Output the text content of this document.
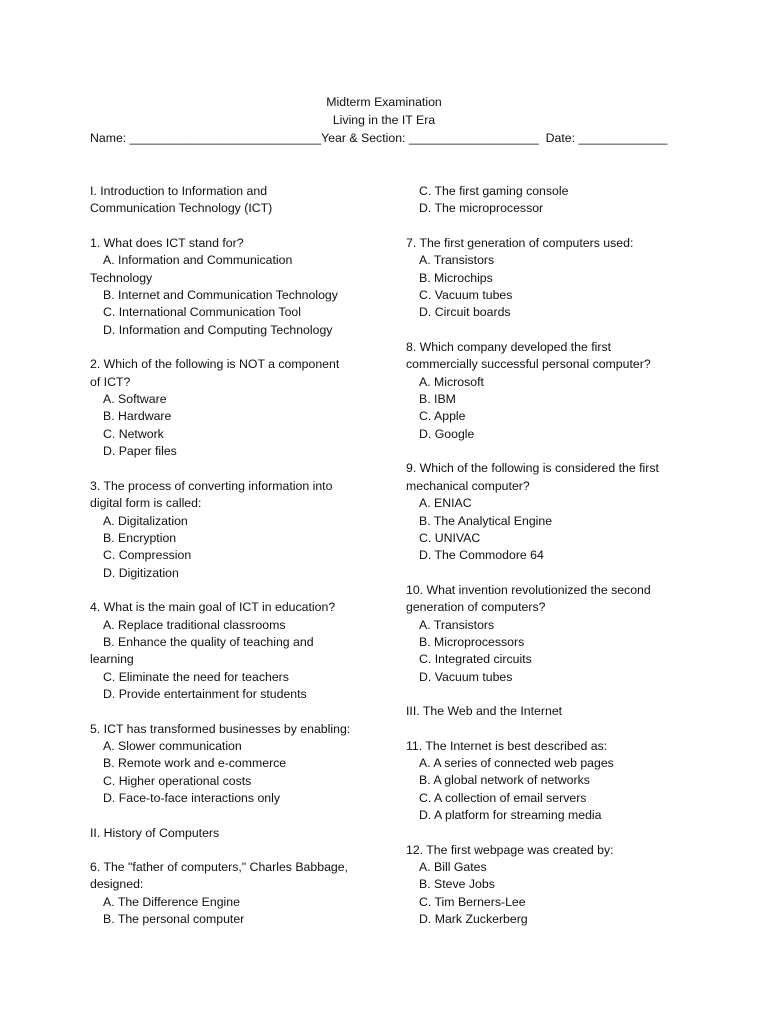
Midterm Examination
Living in the IT Era
Name: ____________________________Year & Section: ___________________ Date: _____________
I. Introduction to Information and
Communication Technology (ICT)
1. What does ICT stand for?
A. Information and Communication
Technology
B. Internet and Communication Technology
C. International Communication Tool
D. Information and Computing Technology
2. Which of the following is NOT a component
of ICT?
A. Software
B. Hardware
C. Network
D. Paper files
3. The process of converting information into
digital form is called:
A. Digitalization
B. Encryption
C. Compression
D. Digitization
4. What is the main goal of ICT in education?
A. Replace traditional classrooms
B. Enhance the quality of teaching and
learning
C. Eliminate the need for teachers
D. Provide entertainment for students
5. ICT has transformed businesses by enabling:
A. Slower communication
B. Remote work and e-commerce
C. Higher operational costs
D. Face-to-face interactions only
II. History of Computers
6. The "father of computers," Charles Babbage,
designed:
A. The Difference Engine
B. The personal computer
C. The first gaming console
D. The microprocessor
7. The first generation of computers used:
A. Transistors
B. Microchips
C. Vacuum tubes
D. Circuit boards
8. Which company developed the first
commercially successful personal computer?
A. Microsoft
B. IBM
C. Apple
D. Google
9. Which of the following is considered the first
mechanical computer?
A. ENIAC
B. The Analytical Engine
C. UNIVAC
D. The Commodore 64
10. What invention revolutionized the second
generation of computers?
A. Transistors
B. Microprocessors
C. Integrated circuits
D. Vacuum tubes
III. The Web and the Internet
11. The Internet is best described as:
A. A series of connected web pages
B. A global network of networks
C. A collection of email servers
D. A platform for streaming media
12. The first webpage was created by:
A. Bill Gates
B. Steve Jobs
C. Tim Berners-Lee
D. Mark Zuckerberg
